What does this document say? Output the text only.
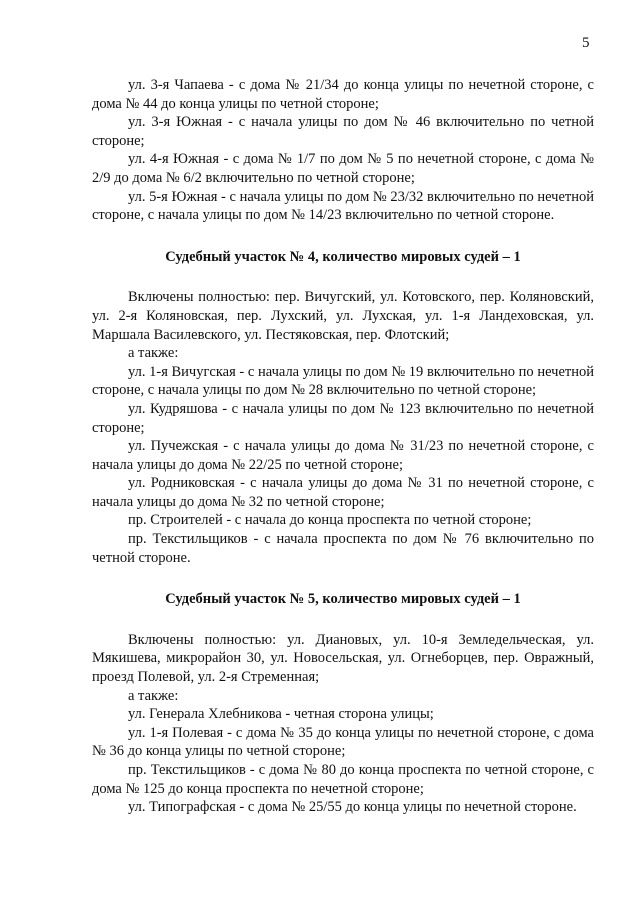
5

ул. 3-я Чапаева - с дома № 21/34 до конца улицы по нечетной стороне, с дома № 44 до конца улицы по четной стороне;

ул. 3-я Южная - с начала улицы по дом № 46 включительно по четной стороне;

ул. 4-я Южная - с дома № 1/7 по дом № 5 по нечетной стороне, с дома № 2/9 до дома № 6/2 включительно по четной стороне;

ул. 5-я Южная - с начала улицы по дом № 23/32 включительно по нечетной стороне, с начала улицы по дом № 14/23 включительно по четной стороне.

Судебный участок № 4, количество мировых судей – 1

Включены полностью: пер. Вичугский, ул. Котовского, пер. Коляновский, ул. 2-я Коляновская, пер. Лухский, ул. Лухская, ул. 1-я Ландеховская, ул. Маршала Василевского, ул. Пестяковская, пер. Флотский;

а также:

ул. 1-я Вичугская - с начала улицы по дом № 19 включительно по нечетной стороне, с начала улицы по дом № 28 включительно по четной стороне;

ул. Кудряшова - с начала улицы по дом № 123 включительно по нечетной стороне;

ул. Пучежская - с начала улицы до дома № 31/23 по нечетной стороне, с начала улицы до дома № 22/25 по четной стороне;

ул. Родниковская - с начала улицы до дома № 31 по нечетной стороне, с начала улицы до дома № 32 по четной стороне;

пр. Строителей - с начала до конца проспекта по четной стороне;

пр. Текстильщиков - с начала проспекта по дом № 76 включительно по четной стороне.

Судебный участок № 5, количество мировых судей – 1

Включены полностью: ул. Диановых, ул. 10-я Земледельческая, ул. Мякишева, микрорайон 30, ул. Новосельская, ул. Огнеборцев, пер. Овражный, проезд Полевой, ул. 2-я Стременная;

а также:

ул. Генерала Хлебникова - четная сторона улицы;

ул. 1-я Полевая - с дома № 35 до конца улицы по нечетной стороне, с дома № 36 до конца улицы по четной стороне;

пр. Текстильщиков - с дома № 80 до конца проспекта по четной стороне, с дома № 125 до конца проспекта по нечетной стороне;

ул. Типографская - с дома № 25/55 до конца улицы по нечетной стороне.
